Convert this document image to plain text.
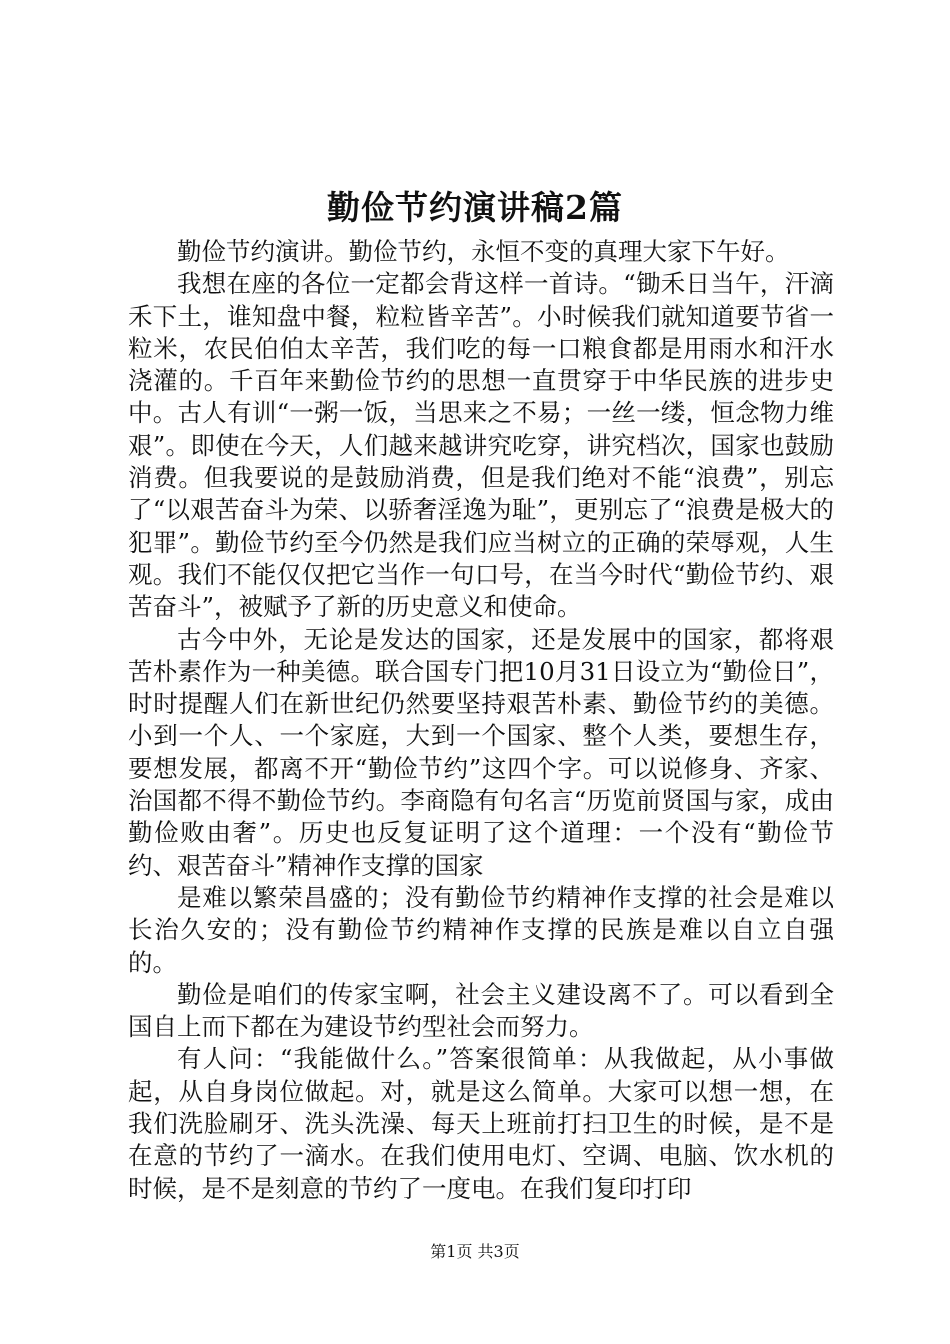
勤俭节约演讲稿2篇

勤俭节约演讲。勤俭节约，永恒不变的真理大家下午好。

我想在座的各位一定都会背这样一首诗。“锄禾日当午，汗滴禾下土，谁知盘中餐，粒粒皆辛苦”。小时候我们就知道要节省一粒米，农民伯伯太辛苦，我们吃的每一口粮食都是用雨水和汗水浇灌的。千百年来勤俭节约的思想一直贯穿于中华民族的进步史中。古人有训“一粥一饭，当思来之不易；一丝一缕，恒念物力维艰”。即使在今天，人们越来越讲究吃穿，讲究档次，国家也鼓励消费。但我要说的是鼓励消费，但是我们绝对不能“浪费”，别忘了“以艰苦奋斗为荣、以骄奢淫逸为耻”，更别忘了“浪费是极大的犯罪”。勤俭节约至今仍然是我们应当树立的正确的荣辱观，人生观。我们不能仅仅把它当作一句口号，在当今时代“勤俭节约、艰苦奋斗”，被赋予了新的历史意义和使命。

古今中外，无论是发达的国家，还是发展中的国家，都将艰苦朴素作为一种美德。联合国专门把10月31日设立为“勤俭日”，时时提醒人们在新世纪仍然要坚持艰苦朴素、勤俭节约的美德。小到一个人、一个家庭，大到一个国家、整个人类，要想生存，要想发展，都离不开“勤俭节约”这四个字。可以说修身、齐家、治国都不得不勤俭节约。李商隐有句名言“历览前贤国与家，成由勤俭败由奢”。历史也反复证明了这个道理：一个没有“勤俭节约、艰苦奋斗”精神作支撑的国家

是难以繁荣昌盛的；没有勤俭节约精神作支撑的社会是难以长治久安的；没有勤俭节约精神作支撑的民族是难以自立自强的。

勤俭是咱们的传家宝啊，社会主义建设离不了。可以看到全国自上而下都在为建设节约型社会而努力。

有人问：“我能做什么。”答案很简单：从我做起，从小事做起，从自身岗位做起。对，就是这么简单。大家可以想一想，在我们洗脸刷牙、洗头洗澡、每天上班前打扫卫生的时候，是不是在意的节约了一滴水。在我们使用电灯、空调、电脑、饮水机的时候，是不是刻意的节约了一度电。在我们复印打印

第1页 共3页
